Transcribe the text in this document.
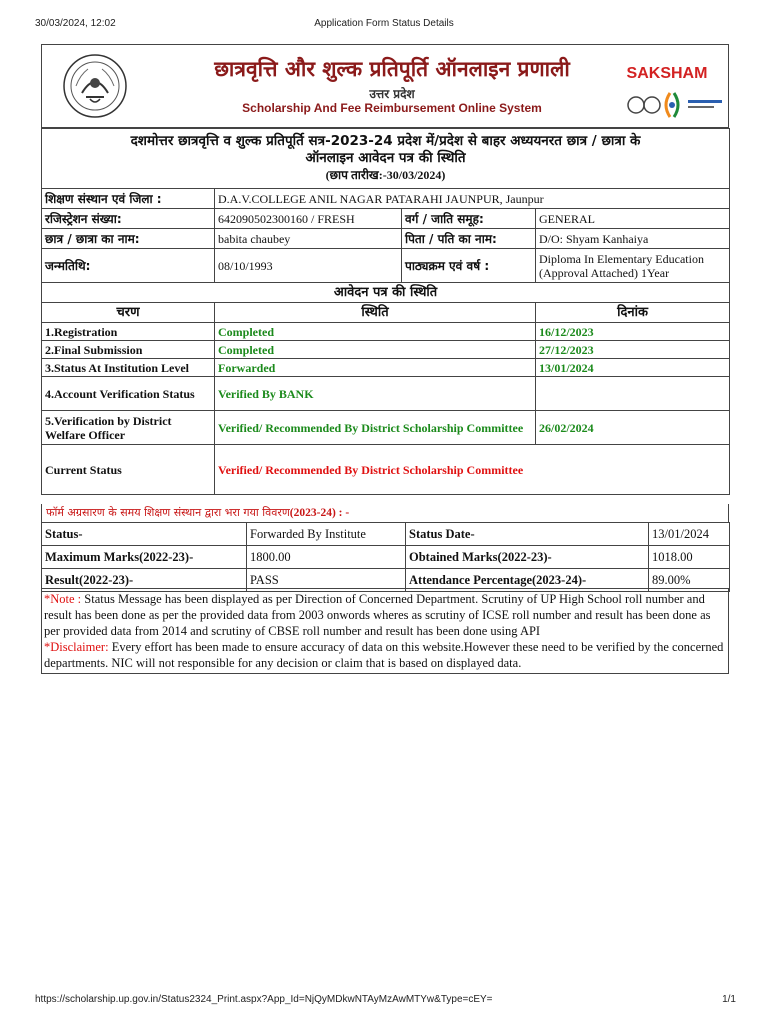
30/03/2024, 12:02	Application Form Status Details
छात्रवृत्ति और शुल्क प्रतिपूर्ति ऑनलाइन प्रणाली
उत्तर प्रदेश
Scholarship And Fee Reimbursement Online System
SAKSHAM
दशमोत्तर छात्रवृत्ति व शुल्क प्रतिपूर्ति सत्र-2023-24 प्रदेश में/प्रदेश से बाहर अध्ययनरत छात्र / छात्रा के
ऑनलाइन आवेदन पत्र की स्थिति
(छाप तारीख:-30/03/2024)			

शिक्षण संस्थान एवं जिला :	D.A.V.COLLEGE ANIL NAGAR PATARAHI JAUNPUR, Jaunpur		
रजिस्ट्रेशन संख्या:	642090502300160 / FRESH	वर्ग / जाति समूह:	GENERAL
छात्र / छात्रा का नाम:	babita chaubey	पिता / पति का नाम:	D/O: Shyam Kanhaiya
जन्मतिथि:	08/10/1993	पाठ्यक्रम एवं वर्ष :	Diploma In Elementary Education (Approval Attached) 1Year
आवेदन पत्र की स्थिति			
चरण	स्थिति		दिनांक
1.Registration	Completed		16/12/2023
2.Final Submission	Completed		27/12/2023
3.Status At Institution Level	Forwarded		13/01/2024
4.Account Verification Status	Verified By BANK		
5.Verification by District Welfare Officer	Verified/ Recommended By District Scholarship Committee		26/02/2024
Current Status	Verified/ Recommended By District Scholarship Committee		
फॉर्म अग्रसारण के समय शिक्षण संस्थान द्वारा भरा गया विवरण(2023-24) : -
Status-	Forwarded By Institute	Status Date-	13/01/2024
Maximum Marks(2022-23)-	1800.00	Obtained Marks(2022-23)-	1018.00
Result(2022-23)-	PASS	Attendance Percentage(2023-24)-	89.00%
*Note : Status Message has been displayed as per Direction of Concerned Department. Scrutiny of UP High School roll number and result has been done as per the provided data from 2003 onwords wheres as scrutiny of ICSE roll number and result has been done as per provided data from 2014 and scrutiny of CBSE roll number and result has been done using API
*Disclaimer: Every effort has been made to ensure accuracy of data on this website.However these need to be verified by the concerned departments. NIC will not responsible for any decision or claim that is based on displayed data.
https://scholarship.up.gov.in/Status2324_Print.aspx?App_Id=NjQyMDkwNTAyMzAwMTYw&Type=cEY=	1/1
